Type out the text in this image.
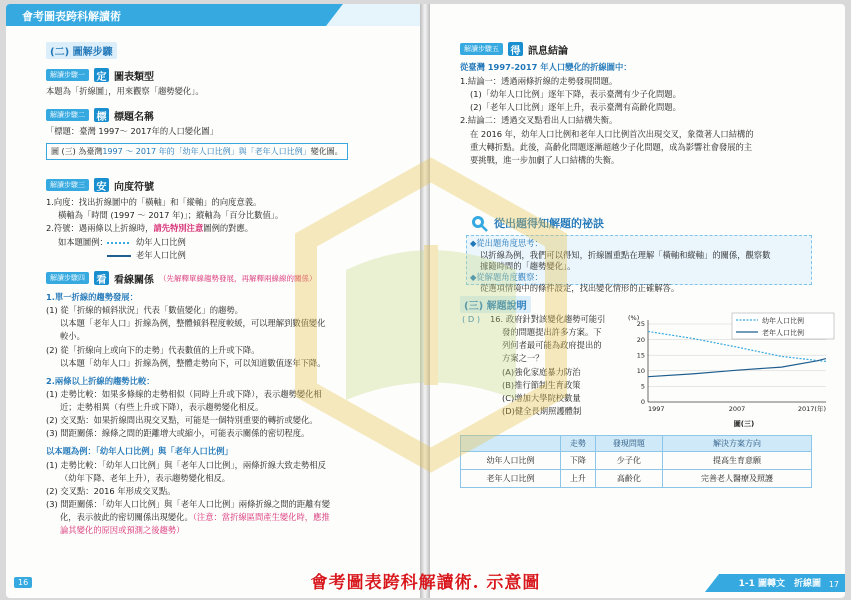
會考圖表跨科解讀術
(二) 圖解步驟
解讀步驟一	定 圖表類型
本題為「折線圖」，用來觀察「趨勢變化」。
解讀步驟二	標 標題名稱
「標題：臺灣 1997～ 2017年的人口變化圖」
圖 (三) 為臺灣1997 ～ 2017 年的「幼年人口比例」與「老年人口比例」變化圖。
解讀步驟三	安 向度符號
1.向度：找出折線圖中的「橫軸」和「縱軸」的向度意義。
橫軸為「時間 (1997 ～ 2017 年)」；縱軸為「百分比數值」。
2.符號：遇兩條以上折線時，請先特別注意圖例的對應。
如本題圖例：	幼年人口比例
老年人口比例
解讀步驟四	看 看線關係 （先解釋單線趨勢發展，再解釋兩線線的關係）
1.單一折線的趨勢發展：
(1) 從「折線的傾斜狀況」代表「數值變化」的趨勢。
以本題「老年人口」折線為例，整體傾斜程度較緩，可以理解到數值變化
較小。
(2) 從「折線向上或向下的走勢」代表數值的上升或下降。
以本題「幼年人口」折線為例，整體走勢向下，可以知道數值逐年下降。
2.兩條以上折線的趨勢比較：
(1) 走勢比較：如果多條線的走勢相似（同時上升或下降），表示趨勢變化相
近；走勢相異（有些上升或下降），表示趨勢變化相反。
(2) 交叉點：如果折線間出現交叉點，可能是一個特別重要的轉折或變化。
(3) 間距關係：線條之間的距離增大或縮小，可能表示關係的密切程度。
以本題為例：「幼年人口比例」與「老年人口比例」
(1) 走勢比較：「幼年人口比例」與「老年人口比例」，兩條折線大致走勢相反
（幼年下降、老年上升），表示趨勢變化相反。
(2) 交叉點：2016 年形成交叉點。
(3) 間距關係：「幼年人口比例」與「老年人口比例」兩條折線之間的距離有變
化，表示彼此的密切關係出現變化。（注意：當折線區間產生變化時，應推
論其變化的原因或預測之後趨勢）
16
解讀步驟五	得 訊息結論
從臺灣 1997-2017 年人口變化的折線圖中：
1.結論一：透過兩條折線的走勢發現問題。
(1)「幼年人口比例」逐年下降，表示臺灣有少子化問題。
(2)「老年人口比例」逐年上升，表示臺灣有高齡化問題。
2.結論二：透過交叉點看出人口結構失衡。
在 2016 年，幼年人口比例和老年人口比例首次出現交叉，象徵著人口結構的
重大轉折點。此後，高齡化問題逐漸超越少子化問題，成為影響社會發展的主
要挑戰，進一步加劇了人口結構的失衡。
從出題得知解題的祕訣
◆從出題角度思考：
以折線為例，我們可以得知，折線圖重點在理解「橫軸和縱軸」的關係，觀察數
據隨時間的「趨勢變化」。
◆從解題角度觀察：
從選項情境中的條件設定，找出變化情形的正確解答。
(三) 解題說明
( D ) 16. 政府針對該變化趨勢可能引
發的問題提出許多方案。下
列何者最可能為政府提出的
方案之一？
(A)強化家庭暴力防治
(B)推行節制生育政策
(C)增加大學院校數量
(D)健全長期照護體制
0
5
10
15
20
25
1997	2007	2017(年)
(%)
圖(三)
幼年人口比例
老年人口比例
	走勢	發現問題	解決方案方向
幼年人口比例	下降	少子化	提高生育意願
老年人口比例	上升	高齡化	完善老人醫療及照護
1-1 圖轉文　折線圖 17
會考圖表跨科解讀術. 示意圖
